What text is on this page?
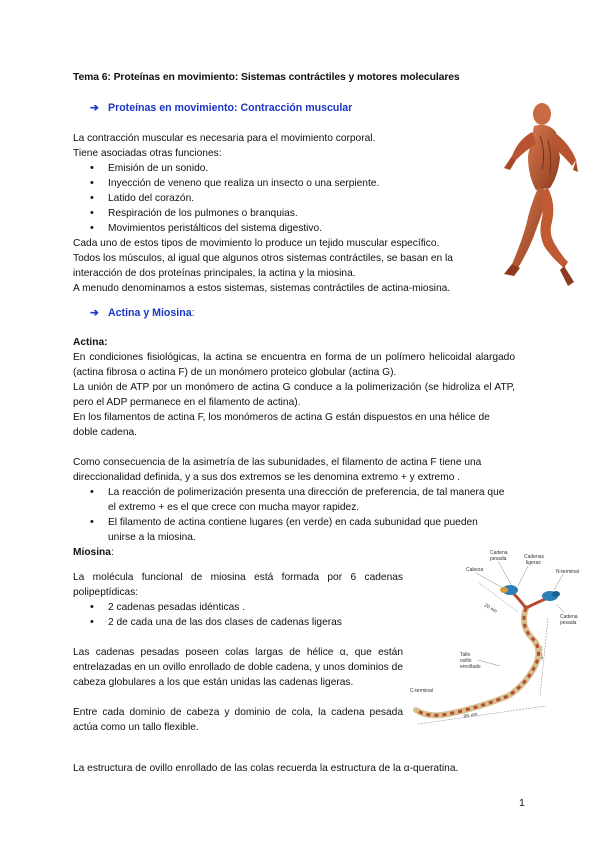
Tema 6: Proteínas en movimiento: Sistemas contráctiles y motores moleculares
➔ Proteínas en movimiento: Contracción muscular
La contracción muscular es necesaria para el movimiento corporal.
Tiene asociadas otras funciones:
• Emisión de un sonido.
• Inyección de veneno que realiza un insecto o una serpiente.
• Latido del corazón.
• Respiración de los pulmones o branquias.
• Movimientos peristálticos del sistema digestivo.
Cada uno de estos tipos de movimiento lo produce un tejido muscular específico.
Todos los músculos, al igual que algunos otros sistemas contráctiles, se basan en la interacción de dos proteínas principales, la actina y la miosina.
A menudo denominamos a estos sistemas, sistemas contráctiles de actina-miosina.
➔ Actina y Miosina:
Actina:
En condiciones fisiológicas, la actina se encuentra en forma de un polímero helicoidal alargado (actina fibrosa o actina F) de un monómero proteico globular (actina G).
La unión de ATP por un monómero de actina G conduce a la polimerización (se hidroliza el ATP, pero el ADP permanece en el filamento de actina).
En los filamentos de actina F, los monómeros de actina G están dispuestos en una hélice de doble cadena.
Como consecuencia de la asimetría de las subunidades, el filamento de actina F tiene una direccionalidad definida, y a sus dos extremos se les denomina extremo + y extremo .
• La reacción de polimerización presenta una dirección de preferencia, de tal manera que el extremo + es el que crece con mucha mayor rapidez.
• El filamento de actina contiene lugares (en verde) en cada subunidad que pueden unirse a la miosina.
Miosina:
La molécula funcional de miosina está formada por 6 cadenas polipeptídicas:
• 2 cadenas pesadas idénticas .
• 2 de cada una de las dos clases de cadenas ligeras
Las cadenas pesadas poseen colas largas de hélice α, que están entrelazadas en un ovillo enrollado de doble cadena, y unos dominios de cabeza globulares a los que están unidas las cadenas ligeras.
Entre cada dominio de cabeza y dominio de cola, la cadena pesada actúa como un tallo flexible.
La estructura de ovillo enrollado de las colas recuerda la estructura de la α-queratina.
Cadena
pesada	Cadenas
ligeras
Cabeza	N-terminal
Cadena
pesada
Tallo
ovillo
enrollado
C-terminal
20 nm
60 nm
95 nm
1
